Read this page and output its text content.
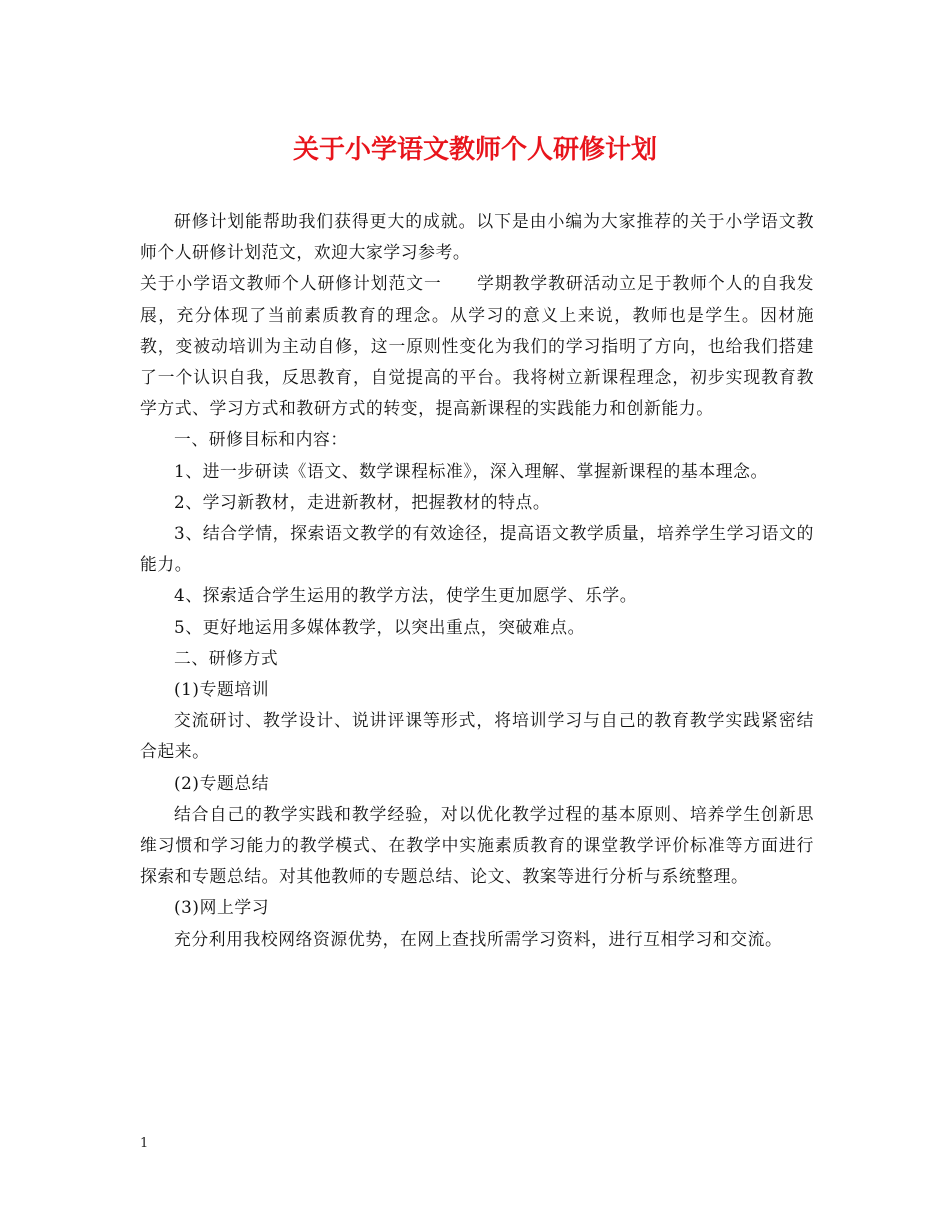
关于小学语文教师个人研修计划

研修计划能帮助我们获得更大的成就。以下是由小编为大家推荐的关于小学语文教师个人研修计划范文，欢迎大家学习参考。

关于小学语文教师个人研修计划范文一　　学期教学教研活动立足于教师个人的自我发展，充分体现了当前素质教育的理念。从学习的意义上来说，教师也是学生。因材施教，变被动培训为主动自修，这一原则性变化为我们的学习指明了方向，也给我们搭建了一个认识自我，反思教育，自觉提高的平台。我将树立新课程理念，初步实现教育教学方式、学习方式和教研方式的转变，提高新课程的实践能力和创新能力。

一、研修目标和内容：

1、进一步研读《语文、数学课程标准》，深入理解、掌握新课程的基本理念。

2、学习新教材，走进新教材，把握教材的特点。

3、结合学情，探索语文教学的有效途径，提高语文教学质量，培养学生学习语文的能力。

4、探索适合学生运用的教学方法，使学生更加愿学、乐学。

5、更好地运用多媒体教学，以突出重点，突破难点。

二、研修方式

(1)专题培训

交流研讨、教学设计、说讲评课等形式，将培训学习与自己的教育教学实践紧密结合起来。

(2)专题总结

结合自己的教学实践和教学经验，对以优化教学过程的基本原则、培养学生创新思维习惯和学习能力的教学模式、在教学中实施素质教育的课堂教学评价标准等方面进行探索和专题总结。对其他教师的专题总结、论文、教案等进行分析与系统整理。

(3)网上学习

充分利用我校网络资源优势，在网上查找所需学习资料，进行互相学习和交流。

1
